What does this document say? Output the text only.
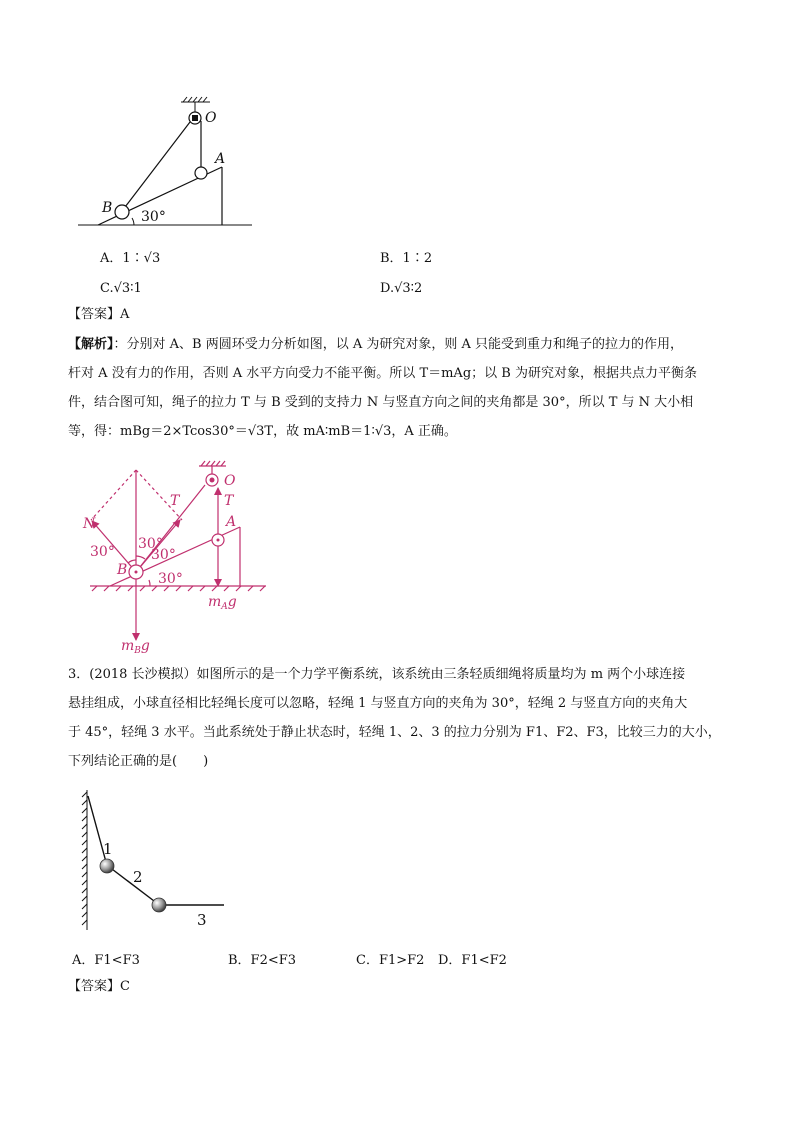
O
A
B
30°
A．1∶√3	B．1∶2
C.√3∶1	D.√3∶2
【答案】A
【解析】：分别对 A、B 两圆环受力分析如图，以 A 为研究对象，则 A 只能受到重力和绳子的拉力的作用，
杆对 A 没有力的作用，否则 A 水平方向受力不能平衡。所以 T＝mAg；以 B 为研究对象，根据共点力平衡条
件，结合图可知，绳子的拉力 T 与 B 受到的支持力 N 与竖直方向之间的夹角都是 30°，所以 T 与 N 大小相
等，得：mBg＝2×Tcos30°＝√3T，故 mA∶mB＝1∶√3，A 正确。
O
T
T
A
N
B
30° 30°
30°
30°
$m_Ag$
$m_Bg$
3．(2018 长沙模拟）如图所示的是一个力学平衡系统，该系统由三条轻质细绳将质量均为 m 两个小球连接
悬挂组成，小球直径相比轻绳长度可以忽略，轻绳 1 与竖直方向的夹角为 30°，轻绳 2 与竖直方向的夹角大
于 45°，轻绳 3 水平。当此系统处于静止状态时，轻绳 1、2、3 的拉力分别为 F1、F2、F3，比较三力的大小，
下列结论正确的是(　　)
1
2
3
A．F1<F3	B．F2<F3	C．F1>F2 D．F1<F2
【答案】C
